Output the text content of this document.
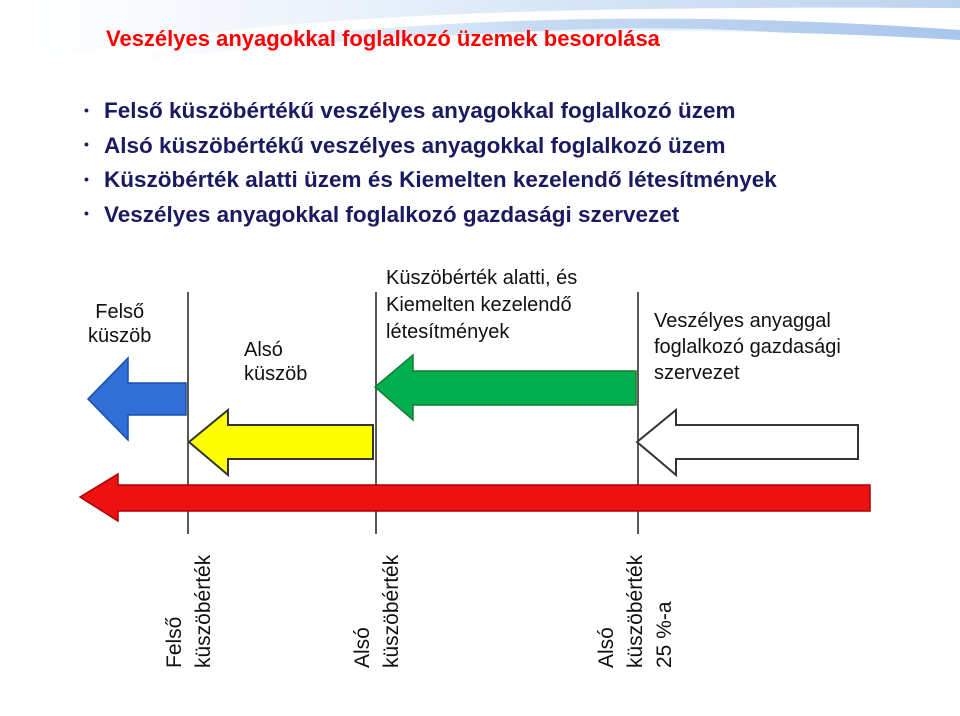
Veszélyes anyagokkal foglalkozó üzemek besorolása
• Felső küszöbértékű veszélyes anyagokkal foglalkozó üzem
• Alsó küszöbértékű veszélyes anyagokkal foglalkozó üzem
• Küszöbérték alatti üzem és Kiemelten kezelendő létesítmények
• Veszélyes anyagokkal foglalkozó gazdasági szervezet
Felső
küszöb
Alsó
küszöb
Küszöbérték alatti, és
Kiemelten kezelendő
létesítmények	Veszélyes anyaggal
foglalkozó gazdasági
szervezet
Felső küszöbérték	Alsó küszöbérték	Alsó küszöbérték 25 %-a
